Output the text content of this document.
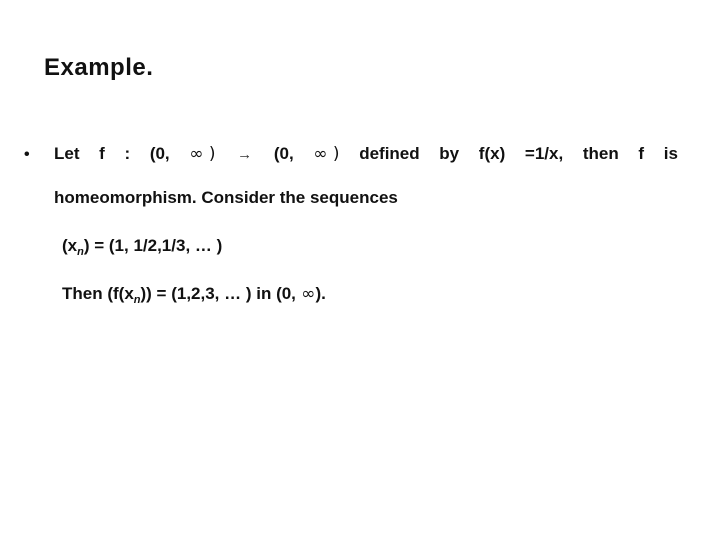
Example.
• Let f : (0, ∞ ) → (0, ∞ ) defined by f(x) =1/x, then f is
homeomorphism. Consider the sequences
$(x_n) = (1$, 1/2,1/3, … )
Then $(f(x_n)) = (1,2,3$, … ) in (0, ∞).
